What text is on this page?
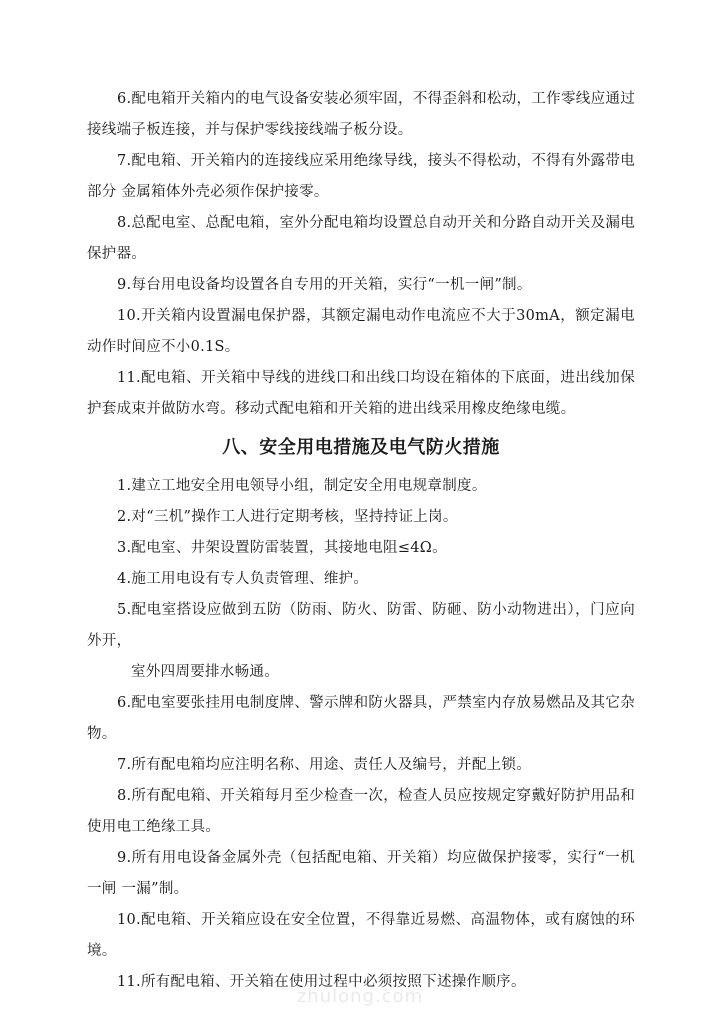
6.配电箱开关箱内的电气设备安装必须牢固，不得歪斜和松动，工作零线应通过接线端子板连接，并与保护零线接线端子板分设。

7.配电箱、开关箱内的连接线应采用绝缘导线，接头不得松动，不得有外露带电部分 金属箱体外壳必须作保护接零。

8.总配电室、总配电箱，室外分配电箱均设置总自动开关和分路自动开关及漏电保护器。

9.每台用电设备均设置各自专用的开关箱，实行“一机一闸”制。

10.开关箱内设置漏电保护器，其额定漏电动作电流应不大于30mA，额定漏电动作时间应不小0.1S。

11.配电箱、开关箱中导线的进线口和出线口均设在箱体的下底面，进出线加保护套成束并做防水弯。移动式配电箱和开关箱的进出线采用橡皮绝缘电缆。

八、安全用电措施及电气防火措施

1.建立工地安全用电领导小组，制定安全用电规章制度。

2.对“三机”操作工人进行定期考核，坚持持证上岗。

3.配电室、井架设置防雷装置，其接地电阻≤4Ω。

4.施工用电设有专人负责管理、维护。

5.配电室搭设应做到五防（防雨、防火、防雷、防砸、防小动物进出），门应向外开，

室外四周要排水畅通。

6.配电室要张挂用电制度牌、警示牌和防火器具，严禁室内存放易燃品及其它杂物。

7.所有配电箱均应注明名称、用途、责任人及编号，并配上锁。

8.所有配电箱、开关箱每月至少检查一次，检查人员应按规定穿戴好防护用品和使用电工绝缘工具。

9.所有用电设备金属外壳（包括配电箱、开关箱）均应做保护接零，实行“一机一闸 一漏”制。

10.配电箱、开关箱应设在安全位置，不得靠近易燃、高温物体，或有腐蚀的环境。

11.所有配电箱、开关箱在使用过程中必须按照下述操作顺序。

zhulong.com
